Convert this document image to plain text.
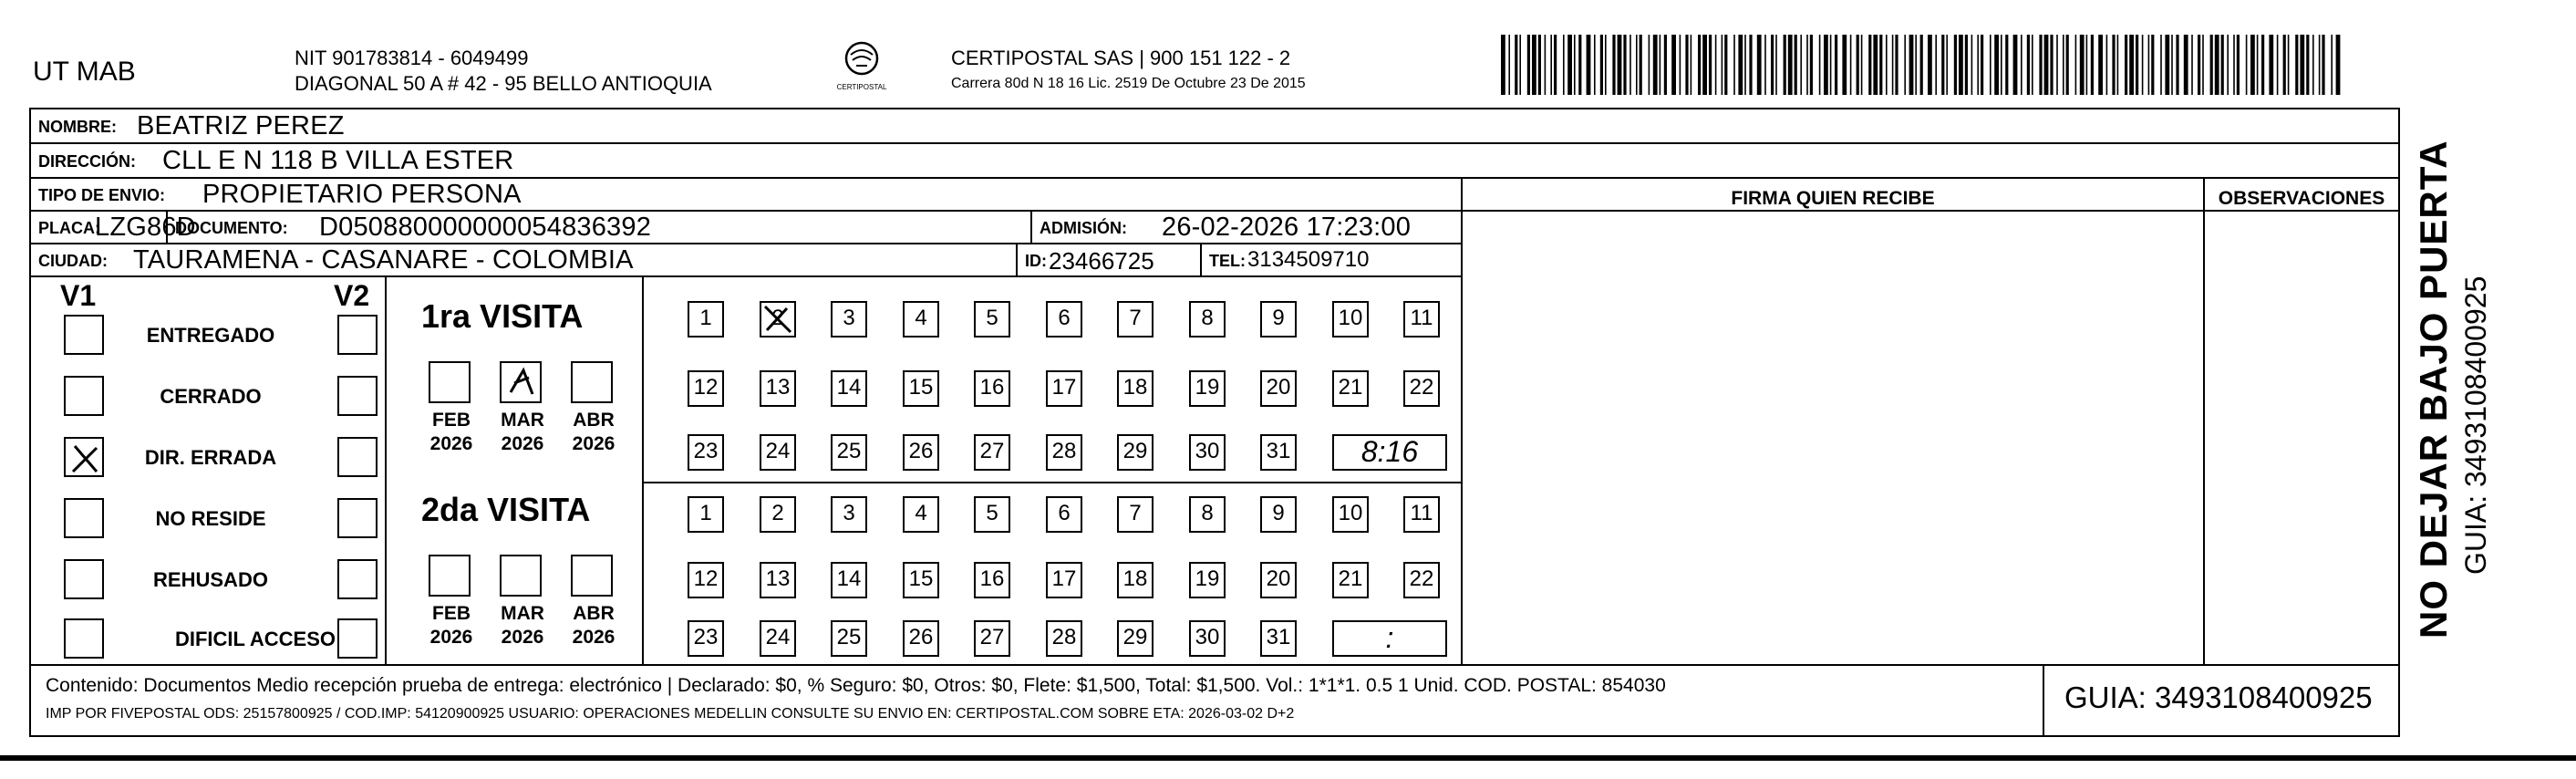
UT MAB	NIT 901783814 - 6049499
DIAGONAL 50 A # 42 - 95 BELLO ANTIOQUIA	CERTIPOSTAL
CERTIPOSTAL SAS | 900 151 122 - 2
Carrera 80d N 18 16 Lic. 2519 De Octubre 23 De 2015
NOMBRE: BEATRIZ PEREZ
DIRECCIÓN: CLL E N 118 B VILLA ESTER
TIPO DE ENVIO: PROPIETARIO PERSONA	FIRMA QUIEN RECIBE	OBSERVACIONES
PLACA:
LZG86D
DOCUMENTO: D050880000000054836392	ADMISIÓN: 26-02-2026 17:23:00
CIUDAD: TAURAMENA - CASANARE - COLOMBIA	ID: 23466725	TEL: 3134509710
V1	V2
ENTREGADO
CERRADO
DIR. ERRADA
NO RESIDE
REHUSADO
DIFICIL ACCESO
1ra VISITA
FEB
2026
MAR
2026
ABR
2026
1	2	3	4	5	6	7	8	9	10	11
12 13 14 15 16 17 18 19 20 21 22
23 24 25 26 27 28 29 30 31	8:16
2da VISITA
FEB
2026
MAR
2026
ABR
2026
1	2	3	4	5	6	7	8	9	10	11
12 13 14 15 16 17 18 19 20 21 22
23 24 25 26 27 28 29 30 31	:
Contenido: Documentos Medio recepción prueba de entrega: electrónico | Declarado: $0, % Seguro: $0, Otros: $0, Flete: $1,500, Total: $1,500. Vol.: 1*1*1. 0.5 1 Unid. COD. POSTAL: 854030
IMP POR FIVEPOSTAL ODS: 25157800925 / COD.IMP: 54120900925 USUARIO: OPERACIONES MEDELLIN CONSULTE SU ENVIO EN: CERTIPOSTAL.COM SOBRE ETA: 2026-03-02 D+2	GUIA: 3493108400925
NO DEJAR BAJO PUERTA GUIA: 3493108400925
